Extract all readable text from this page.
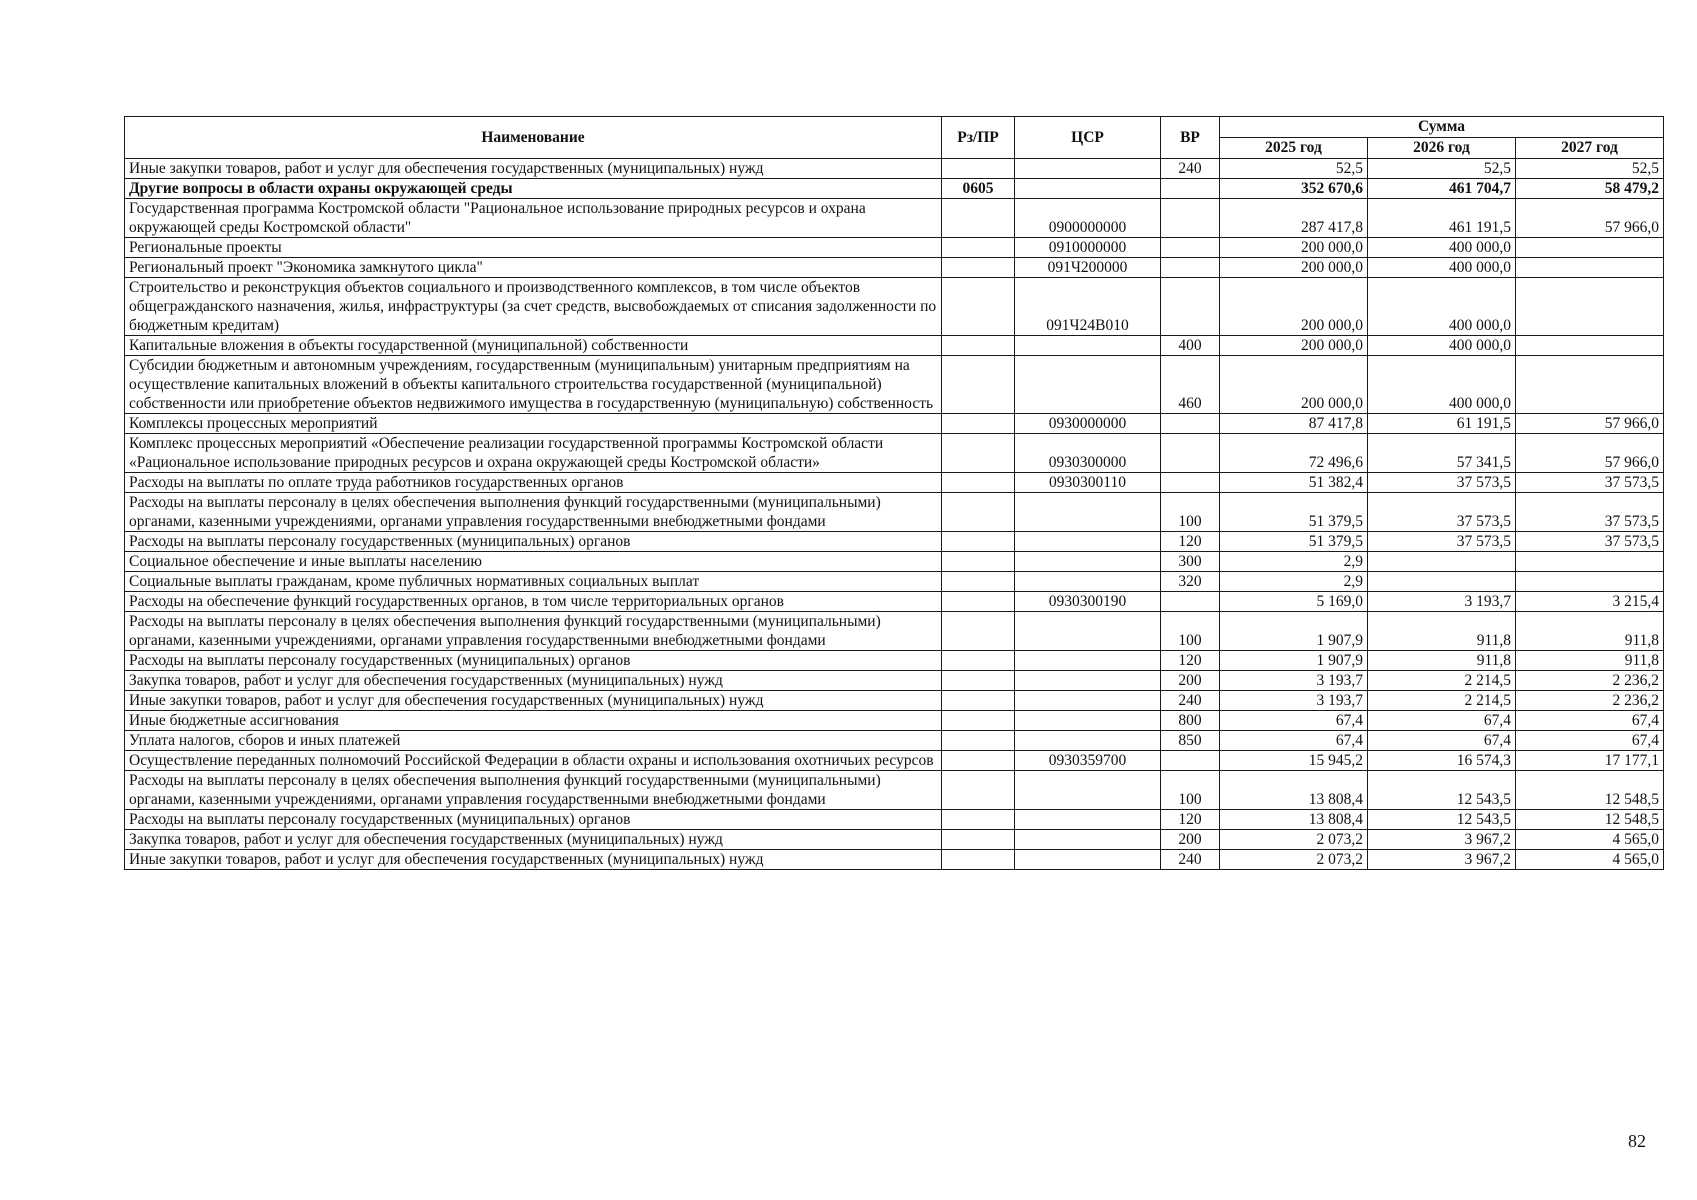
Наименование	Рз/ПР	ЦСР	ВР	Сумма		
				2025 год	2026 год	2027 год
Иные закупки товаров, работ и услуг для обеспечения государственных (муниципальных) нужд			240	52,5	52,5	52,5
Другие вопросы в области охраны окружающей среды	0605			352 670,6	461 704,7	58 479,2
Государственная программа Костромской области "Рациональное использование природных ресурсов и охрана окружающей среды Костромской области"		0900000000		287 417,8	461 191,5	57 966,0
Региональные проекты		0910000000		200 000,0	400 000,0	
Региональный проект "Экономика замкнутого цикла"		091Ч200000		200 000,0	400 000,0	
Строительство и реконструкция объектов социального и производственного комплексов, в том числе объектов общегражданского назначения, жилья, инфраструктуры (за счет средств, высвобождаемых от списания задолженности по бюджетным кредитам)		091Ч24В010		200 000,0	400 000,0	
Капитальные вложения в объекты государственной (муниципальной) собственности			400	200 000,0	400 000,0	
Субсидии бюджетным и автономным учреждениям, государственным (муниципальным) унитарным предприятиям на осуществление капитальных вложений в объекты капитального строительства государственной (муниципальной) собственности или приобретение объектов недвижимого имущества в государственную (муниципальную) собственность			460	200 000,0	400 000,0	
Комплексы процессных мероприятий		0930000000		87 417,8	61 191,5	57 966,0
Комплекс процессных мероприятий «Обеспечение реализации государственной программы Костромской области «Рациональное использование природных ресурсов и охрана окружающей среды Костромской области»		0930300000		72 496,6	57 341,5	57 966,0
Расходы на выплаты по оплате труда работников государственных органов		0930300110		51 382,4	37 573,5	37 573,5
Расходы на выплаты персоналу в целях обеспечения выполнения функций государственными (муниципальными) органами, казенными учреждениями, органами управления государственными внебюджетными фондами			100	51 379,5	37 573,5	37 573,5
Расходы на выплаты персоналу государственных (муниципальных) органов			120	51 379,5	37 573,5	37 573,5
Социальное обеспечение и иные выплаты населению			300	2,9		
Социальные выплаты гражданам, кроме публичных нормативных социальных выплат			320	2,9		
Расходы на обеспечение функций государственных органов, в том числе территориальных органов		0930300190		5 169,0	3 193,7	3 215,4
Расходы на выплаты персоналу в целях обеспечения выполнения функций государственными (муниципальными) органами, казенными учреждениями, органами управления государственными внебюджетными фондами			100	1 907,9	911,8	911,8
Расходы на выплаты персоналу государственных (муниципальных) органов			120	1 907,9	911,8	911,8
Закупка товаров, работ и услуг для обеспечения государственных (муниципальных) нужд			200	3 193,7	2 214,5	2 236,2
Иные закупки товаров, работ и услуг для обеспечения государственных (муниципальных) нужд			240	3 193,7	2 214,5	2 236,2
Иные бюджетные ассигнования			800	67,4	67,4	67,4
Уплата налогов, сборов и иных платежей			850	67,4	67,4	67,4
Осуществление переданных полномочий Российской Федерации в области охраны и использования охотничьих ресурсов		0930359700		15 945,2	16 574,3	17 177,1
Расходы на выплаты персоналу в целях обеспечения выполнения функций государственными (муниципальными) органами, казенными учреждениями, органами управления государственными внебюджетными фондами			100	13 808,4	12 543,5	12 548,5
Расходы на выплаты персоналу государственных (муниципальных) органов			120	13 808,4	12 543,5	12 548,5
Закупка товаров, работ и услуг для обеспечения государственных (муниципальных) нужд			200	2 073,2	3 967,2	4 565,0
Иные закупки товаров, работ и услуг для обеспечения государственных (муниципальных) нужд			240	2 073,2	3 967,2	4 565,0
82
